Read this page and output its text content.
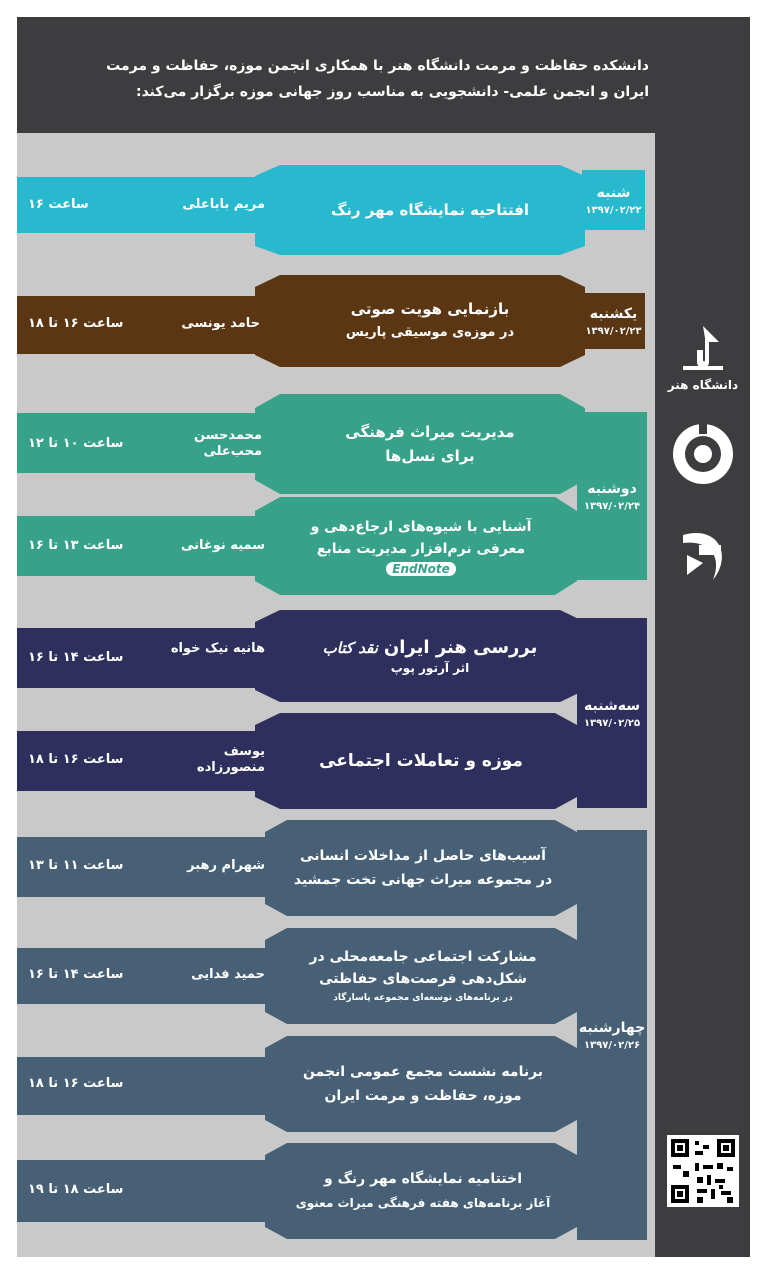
دانشکده حفاظت و مرمت دانشگاه هنر با همکاری انجمن موزه، حفاظت و مرمت
ایران و انجمن علمی- دانشجویی به مناسب روز جهانی موزه برگزار می‌کند:
افتتاحیه نمایشگاه مهر رنگ
مریم باباعلی
ساعت ۱۶
شنبه
۱۳۹۷/۰۲/۲۲
بازنمایی هویت صوتی
در موزه‌ی موسیقی پاریس
حامد یونسی
ساعت ۱۶ تا ۱۸
یکشنبه
۱۳۹۷/۰۲/۲۳
مدیریت میراث فرهنگی
برای نسل‌ها
محمدحسن محب‌علی
ساعت ۱۰ تا ۱۲
آشنایی با شیوه‌های ارجاع‌دهی و
معرفی نرم‌افزار مدیریت منابع
EndNote
سمیه نوغانی
ساعت ۱۳ تا ۱۶
دوشنبه
۱۳۹۷/۰۲/۲۴
بررسی هنر ایران
نقد کتاب
اثر آرتور پوپ
هانیه نیک خواه
ساعت ۱۴ تا ۱۶
موزه و تعاملات اجتماعی
یوسف منصورزاده
ساعت ۱۶ تا ۱۸
سه‌شنبه
۱۳۹۷/۰۲/۲۵
آسیب‌های حاصل از مداخلات انسانی
در مجموعه میراث جهانی تخت جمشید
شهرام رهبر
ساعت ۱۱ تا ۱۳
مشارکت اجتماعی جامعه‌محلی در
شکل‌دهی فرصت‌های حفاظتی
در برنامه‌های توسعه‌ای مجموعه پاسارگاد
حمید فدایی
ساعت ۱۴ تا ۱۶
برنامه نشست مجمع عمومی انجمن
موزه، حفاظت و مرمت ایران
ساعت ۱۶ تا ۱۸
اختتامیه نمایشگاه مهر رنگ و
آغاز برنامه‌های هفته فرهنگی میراث معنوی
ساعت ۱۸ تا ۱۹
چهارشنبه
۱۳۹۷/۰۲/۲۶
دانشگاه هنر
